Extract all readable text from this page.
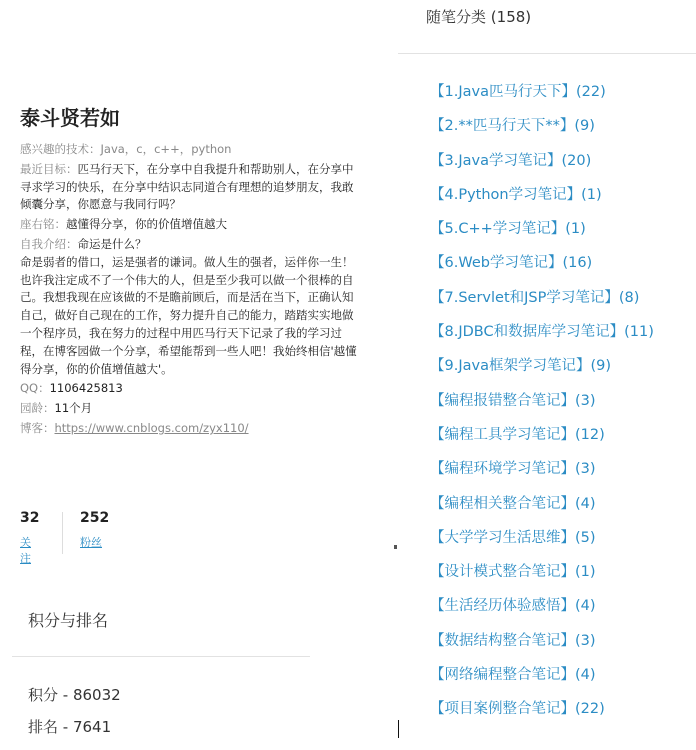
泰斗贤若如
感兴趣的技术：Java，c，c++，python
最近目标：匹马行天下，在分享中自我提升和帮助别人，在分享中
寻求学习的快乐，在分享中结识志同道合有理想的追梦朋友，我敢
倾囊分享，你愿意与我同行吗？
座右铭：越懂得分享，你的价值增值越大
自我介绍：命运是什么？
命是弱者的借口，运是强者的谦词。做人生的强者，运伴你一生！
也许我注定成不了一个伟大的人，但是至少我可以做一个很棒的自
己。我想我现在应该做的不是瞻前顾后，而是活在当下，正确认知
自己，做好自己现在的工作，努力提升自己的能力，踏踏实实地做
一个程序员，我在努力的过程中用匹马行天下记录了我的学习过
程，在博客园做一个分享，希望能帮到一些人吧！我始终相信'越懂
得分享，你的价值增值越大'。
QQ：1106425813
园龄：11个月
博客：https://www.cnblogs.com/zyx110/
32
关注
252
粉丝
积分与排名
积分 - 86032
排名 - 7641
随笔分类 (158)
【1.Java匹马行天下】(22)
【2.**匹马行天下**】(9)
【3.Java学习笔记】(20)
【4.Python学习笔记】(1)
【5.C++学习笔记】(1)
【6.Web学习笔记】(16)
【7.Servlet和JSP学习笔记】(8)
【8.JDBC和数据库学习笔记】(11)
【9.Java框架学习笔记】(9)
【编程报错整合笔记】(3)
【编程工具学习笔记】(12)
【编程环境学习笔记】(3)
【编程相关整合笔记】(4)
【大学学习生活思维】(5)
【设计模式整合笔记】(1)
【生活经历体验感悟】(4)
【数据结构整合笔记】(3)
【网络编程整合笔记】(4)
【项目案例整合笔记】(22)
